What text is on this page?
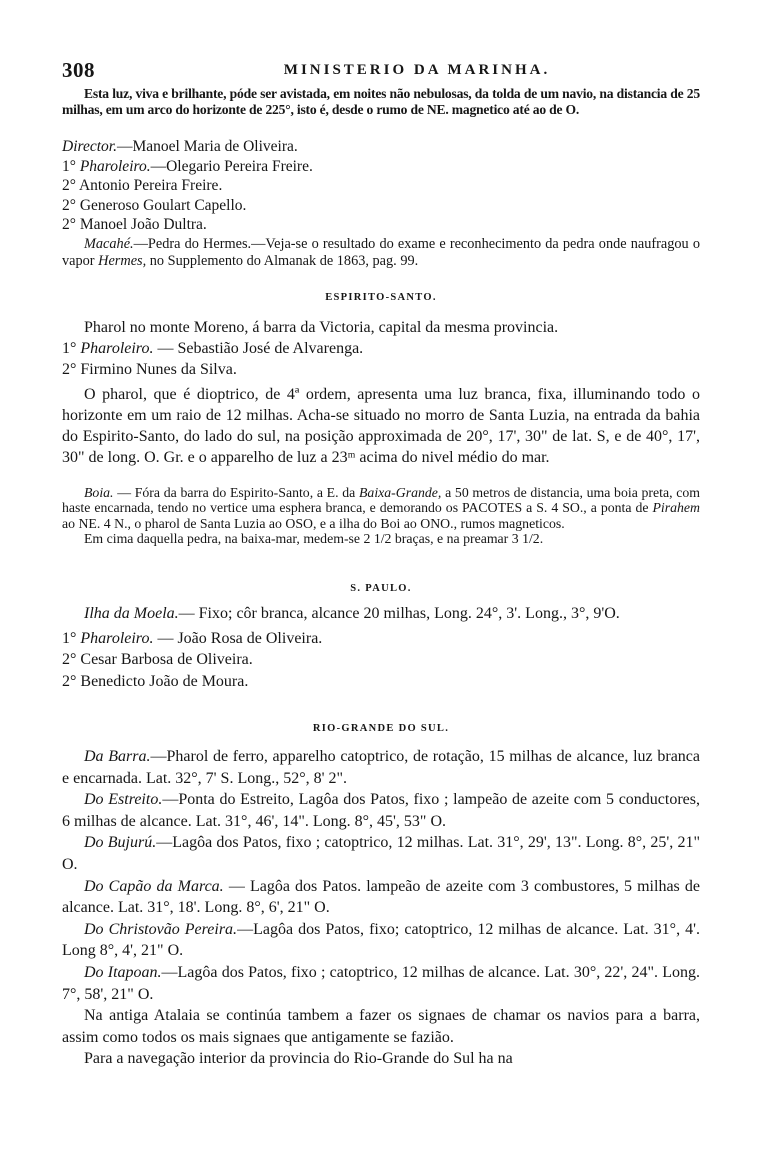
308	MINISTERIO DA MARINHA.

Esta luz, viva e brilhante, póde ser avistada, em noites não nebulosas, da tolda de um navio, na distancia de 25 milhas, em um arco do horizonte de 225°, isto é, desde o rumo de NE. magnetico até ao de O.

Director.—Manoel Maria de Oliveira.

1° Pharoleiro.—Olegario Pereira Freire.

2° Antonio Pereira Freire.

2° Generoso Goulart Capello.

2° Manoel João Dultra.

Macahé.—Pedra do Hermes.—Veja-se o resultado do exame e reconhecimento da pedra onde naufragou o vapor Hermes, no Supplemento do Almanak de 1863, pag. 99.

ESPIRITO-SANTO.

Pharol no monte Moreno, á barra da Victoria, capital da mesma provincia.

1° Pharoleiro. — Sebastião José de Alvarenga.

2° Firmino Nunes da Silva.

O pharol, que é dioptrico, de 4ª ordem, apresenta uma luz branca, fixa, illuminando todo o horizonte em um raio de 12 milhas. Acha-se situado no morro de Santa Luzia, na entrada da bahia do Espirito-Santo, do lado do sul, na posição approximada de 20°, 17', 30" de lat. S, e de 40°, 17', 30" de long. O. Gr. e o apparelho de luz a 23ᵐ acima do nivel médio do mar.

Boia. — Fóra da barra do Espirito-Santo, a E. da Baixa-Grande, a 50 metros de distancia, uma boia preta, com haste encarnada, tendo no vertice uma esphera branca, e demorando os PACOTES a S. 4 SO., a ponta de Pirahem ao NE. 4 N., o pharol de Santa Luzia ao OSO, e a ilha do Boi ao ONO., rumos magneticos.

Em cima daquella pedra, na baixa-mar, medem-se 2 1/2 braças, e na preamar 3 1/2.

S. PAULO.

Ilha da Moela.— Fixo; côr branca, alcance 20 milhas, Long. 24°, 3'. Long., 3°, 9'O.

1° Pharoleiro. — João Rosa de Oliveira.

2° Cesar Barbosa de Oliveira.

2° Benedicto João de Moura.

RIO-GRANDE DO SUL.

Da Barra.—Pharol de ferro, apparelho catoptrico, de rotação, 15 milhas de alcance, luz branca e encarnada. Lat. 32°, 7' S. Long., 52°, 8' 2".

Do Estreito.—Ponta do Estreito, Lagôa dos Patos, fixo ; lampeão de azeite com 5 conductores, 6 milhas de alcance. Lat. 31°, 46', 14". Long. 8°, 45', 53" O.

Do Bujurú.—Lagôa dos Patos, fixo ; catoptrico, 12 milhas. Lat. 31°, 29', 13". Long. 8°, 25', 21" O.

Do Capão da Marca. — Lagôa dos Patos. lampeão de azeite com 3 combustores, 5 milhas de alcance. Lat. 31°, 18'. Long. 8°, 6', 21" O.

Do Christovão Pereira.—Lagôa dos Patos, fixo; catoptrico, 12 milhas de alcance. Lat. 31°, 4'. Long 8°, 4', 21" O.

Do Itapoan.—Lagôa dos Patos, fixo ; catoptrico, 12 milhas de alcance. Lat. 30°, 22', 24". Long. 7°, 58', 21" O.

Na antiga Atalaia se continúa tambem a fazer os signaes de chamar os navios para a barra, assim como todos os mais signaes que antigamente se fazião.

Para a navegação interior da provincia do Rio-Grande do Sul ha na
